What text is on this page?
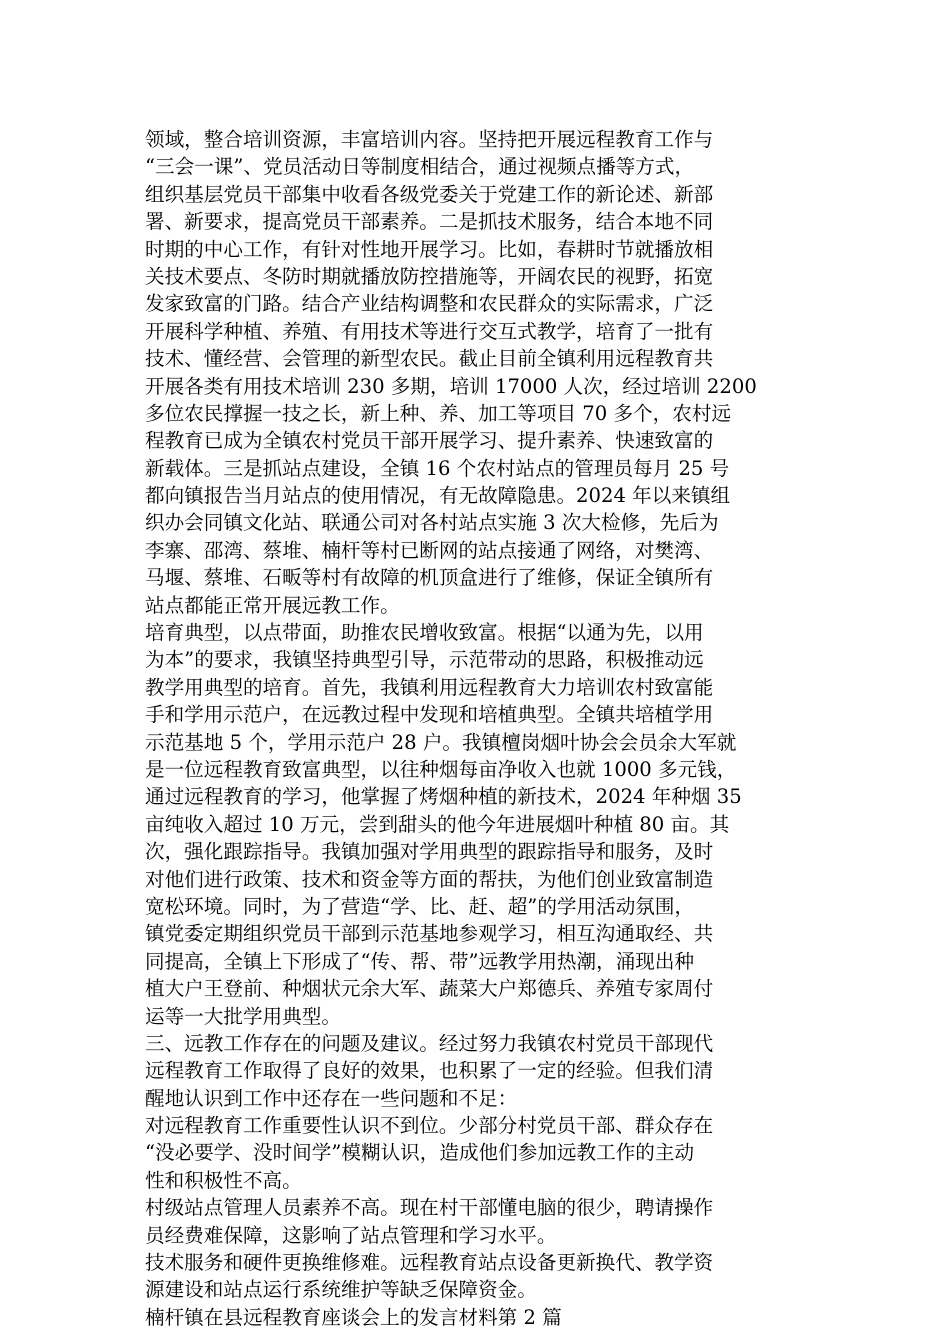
领域，整合培训资源，丰富培训内容。坚持把开展远程教育工作与
“三会一课”、党员活动日等制度相结合，通过视频点播等方式，
组织基层党员干部集中收看各级党委关于党建工作的新论述、新部
署、新要求，提高党员干部素养。二是抓技术服务，结合本地不同
时期的中心工作，有针对性地开展学习。比如，春耕时节就播放相
关技术要点、冬防时期就播放防控措施等，开阔农民的视野，拓宽
发家致富的门路。结合产业结构调整和农民群众的实际需求，广泛
开展科学种植、养殖、有用技术等进行交互式教学，培育了一批有
技术、懂经营、会管理的新型农民。截止目前全镇利用远程教育共
开展各类有用技术培训 230 多期，培训 17000 人次，经过培训 2200
多位农民撑握一技之长，新上种、养、加工等项目 70 多个，农村远
程教育已成为全镇农村党员干部开展学习、提升素养、快速致富的
新载体。三是抓站点建设，全镇 16 个农村站点的管理员每月 25 号
都向镇报告当月站点的使用情况，有无故障隐患。2024 年以来镇组
织办会同镇文化站、联通公司对各村站点实施 3 次大检修，先后为
李寨、邵湾、蔡堆、楠杆等村已断网的站点接通了网络，对樊湾、
马堰、蔡堆、石畈等村有故障的机顶盒进行了维修，保证全镇所有
站点都能正常开展远教工作。
培育典型，以点带面，助推农民增收致富。根据“以通为先，以用
为本”的要求，我镇坚持典型引导，示范带动的思路，积极推动远
教学用典型的培育。首先，我镇利用远程教育大力培训农村致富能
手和学用示范户，在远教过程中发现和培植典型。全镇共培植学用
示范基地 5 个，学用示范户 28 户。我镇檀岗烟叶协会会员余大军就
是一位远程教育致富典型，以往种烟每亩净收入也就 1000 多元钱，
通过远程教育的学习，他掌握了烤烟种植的新技术，2024 年种烟 35
亩纯收入超过 10 万元，尝到甜头的他今年进展烟叶种植 80 亩。其
次，强化跟踪指导。我镇加强对学用典型的跟踪指导和服务，及时
对他们进行政策、技术和资金等方面的帮扶，为他们创业致富制造
宽松环境。同时，为了营造“学、比、赶、超”的学用活动氛围，
镇党委定期组织党员干部到示范基地参观学习，相互沟通取经、共
同提高，全镇上下形成了“传、帮、带”远教学用热潮，涌现出种
植大户王登前、种烟状元余大军、蔬菜大户郑德兵、养殖专家周付
运等一大批学用典型。
三、远教工作存在的问题及建议。经过努力我镇农村党员干部现代
远程教育工作取得了良好的效果，也积累了一定的经验。但我们清
醒地认识到工作中还存在一些问题和不足：
对远程教育工作重要性认识不到位。少部分村党员干部、群众存在
“没必要学、没时间学”模糊认识，造成他们参加远教工作的主动
性和积极性不高。
村级站点管理人员素养不高。现在村干部懂电脑的很少，聘请操作
员经费难保障，这影响了站点管理和学习水平。
技术服务和硬件更换维修难。远程教育站点设备更新换代、教学资
源建设和站点运行系统维护等缺乏保障资金。
楠杆镇在县远程教育座谈会上的发言材料第 2 篇
